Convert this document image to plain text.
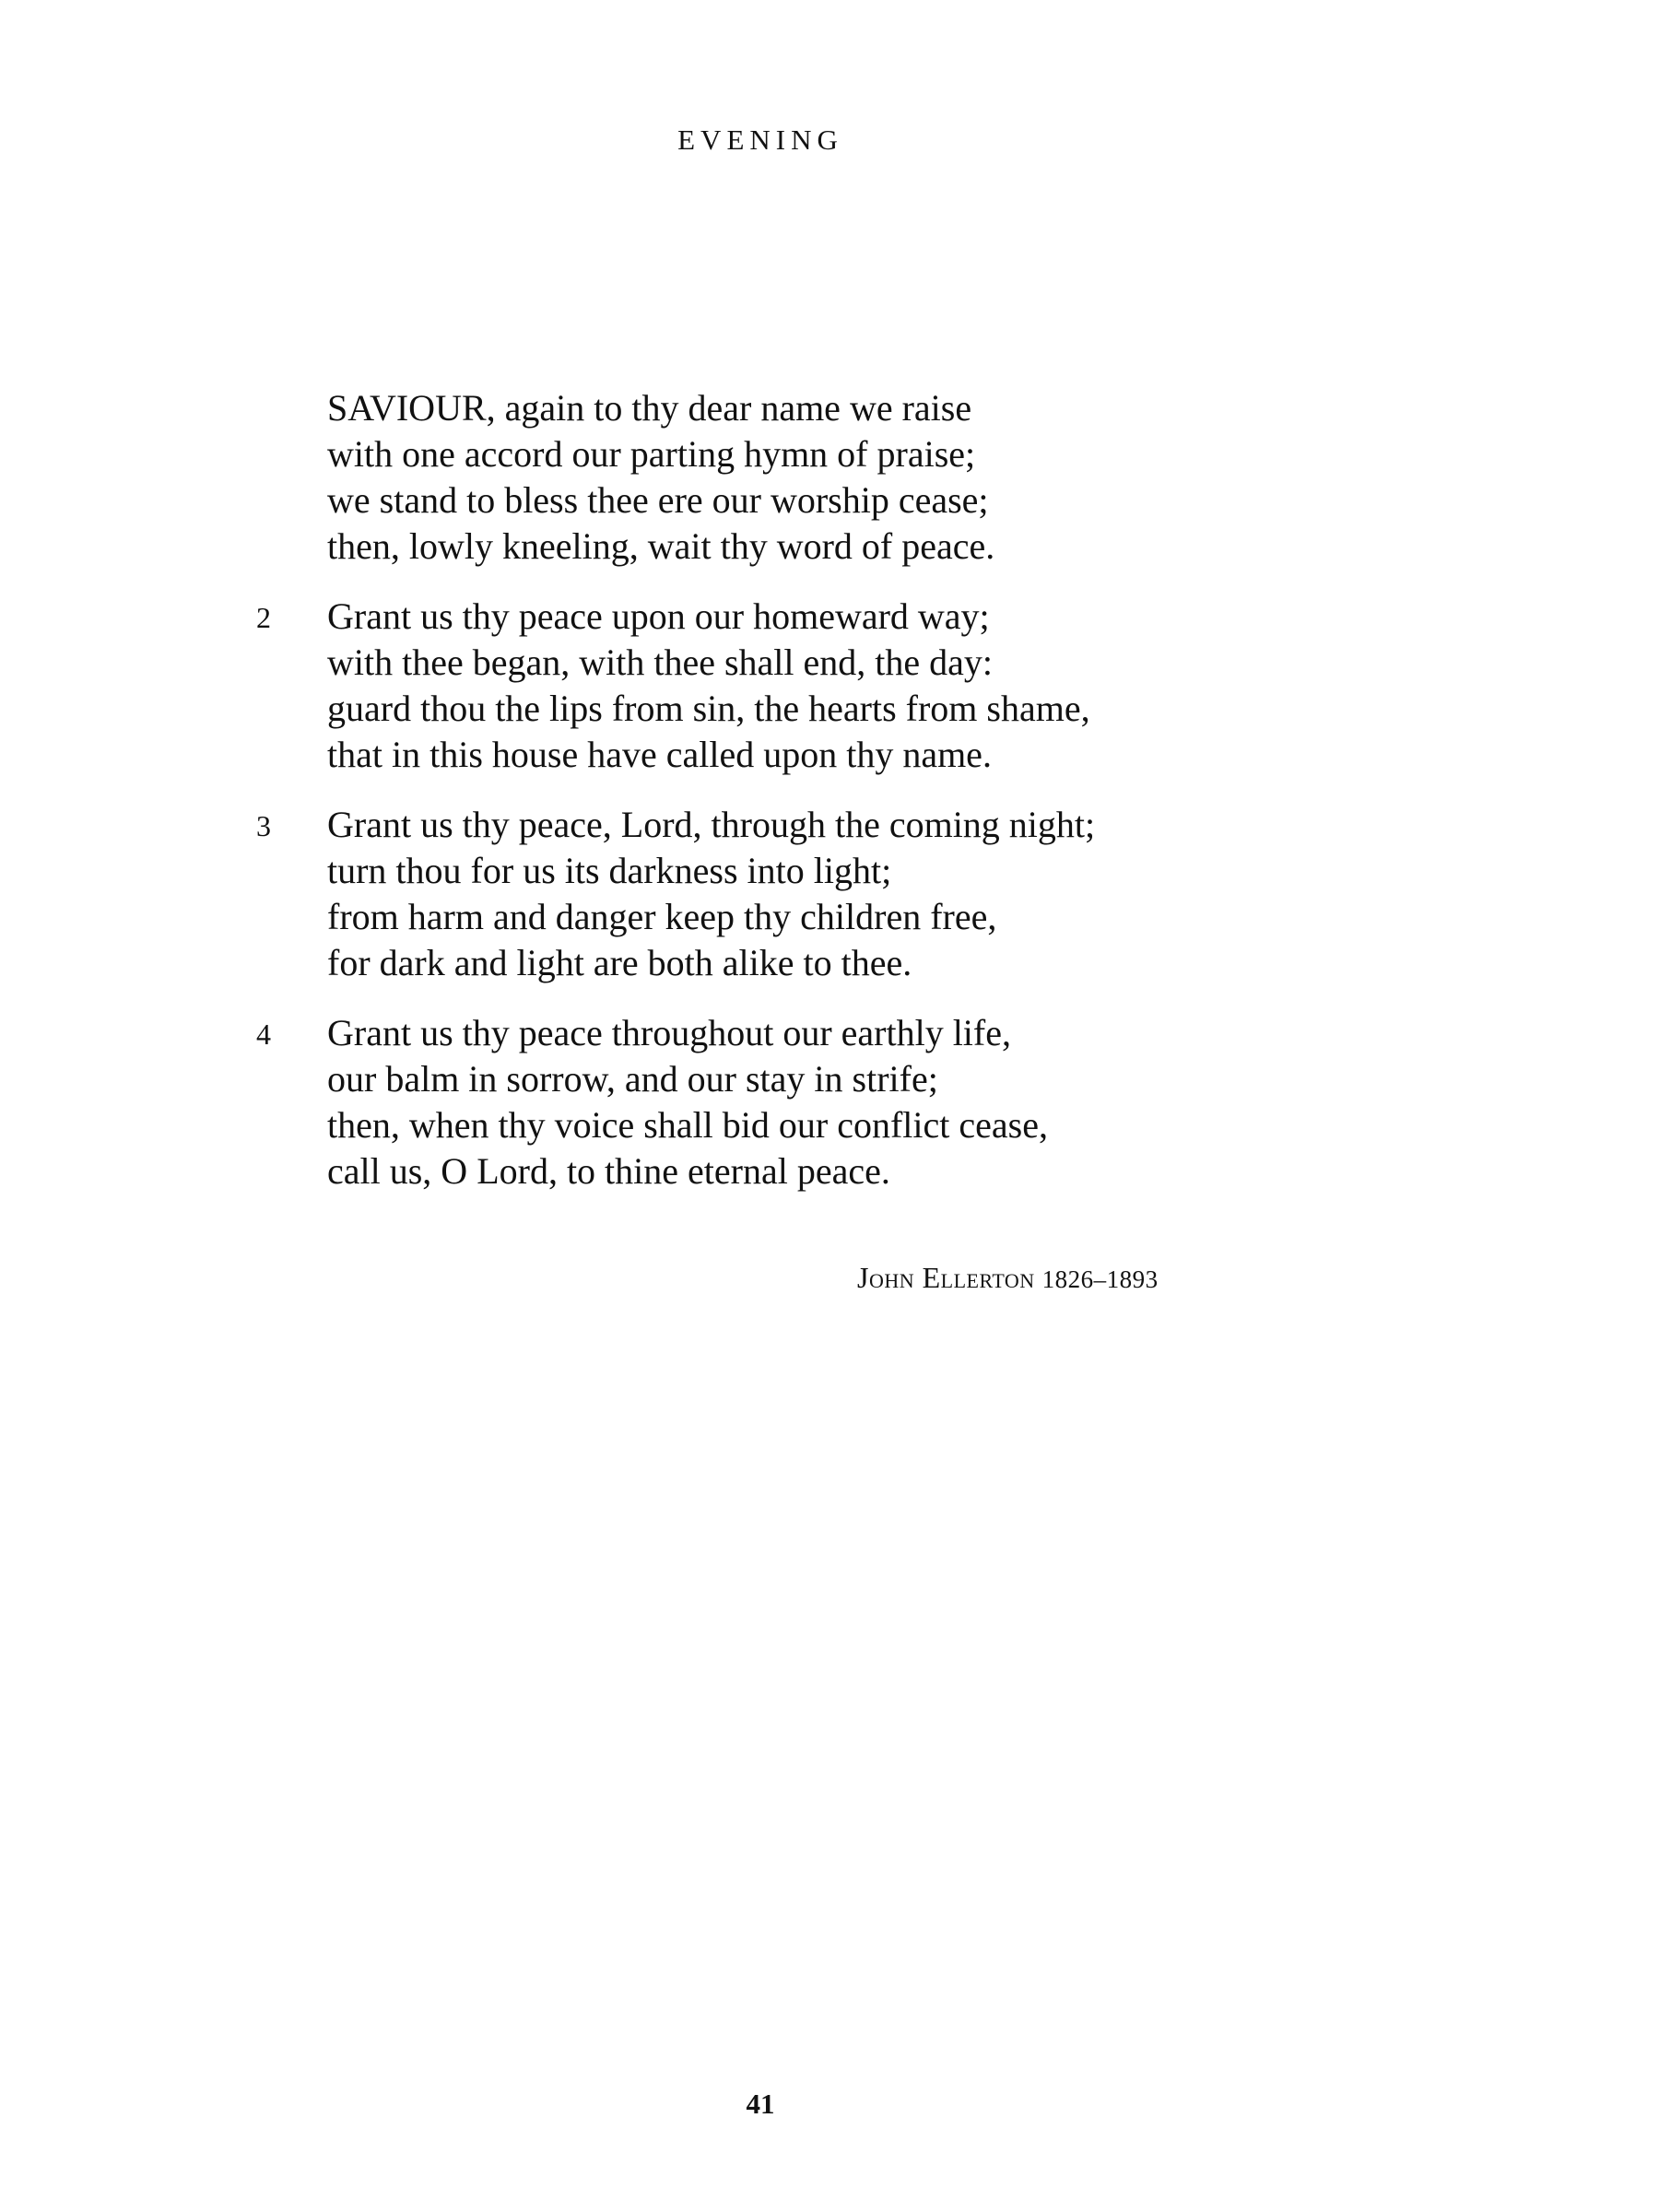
EVENING
SAVIOUR, again to thy dear name we raise
with one accord our parting hymn of praise;
we stand to bless thee ere our worship cease;
then, lowly kneeling, wait thy word of peace.
2 Grant us thy peace upon our homeward way;
with thee began, with thee shall end, the day:
guard thou the lips from sin, the hearts from shame,
that in this house have called upon thy name.
3 Grant us thy peace, Lord, through the coming night;
turn thou for us its darkness into light;
from harm and danger keep thy children free,
for dark and light are both alike to thee.
4 Grant us thy peace throughout our earthly life,
our balm in sorrow, and our stay in strife;
then, when thy voice shall bid our conflict cease,
call us, O Lord, to thine eternal peace.
John Ellerton 1826–1893
41
